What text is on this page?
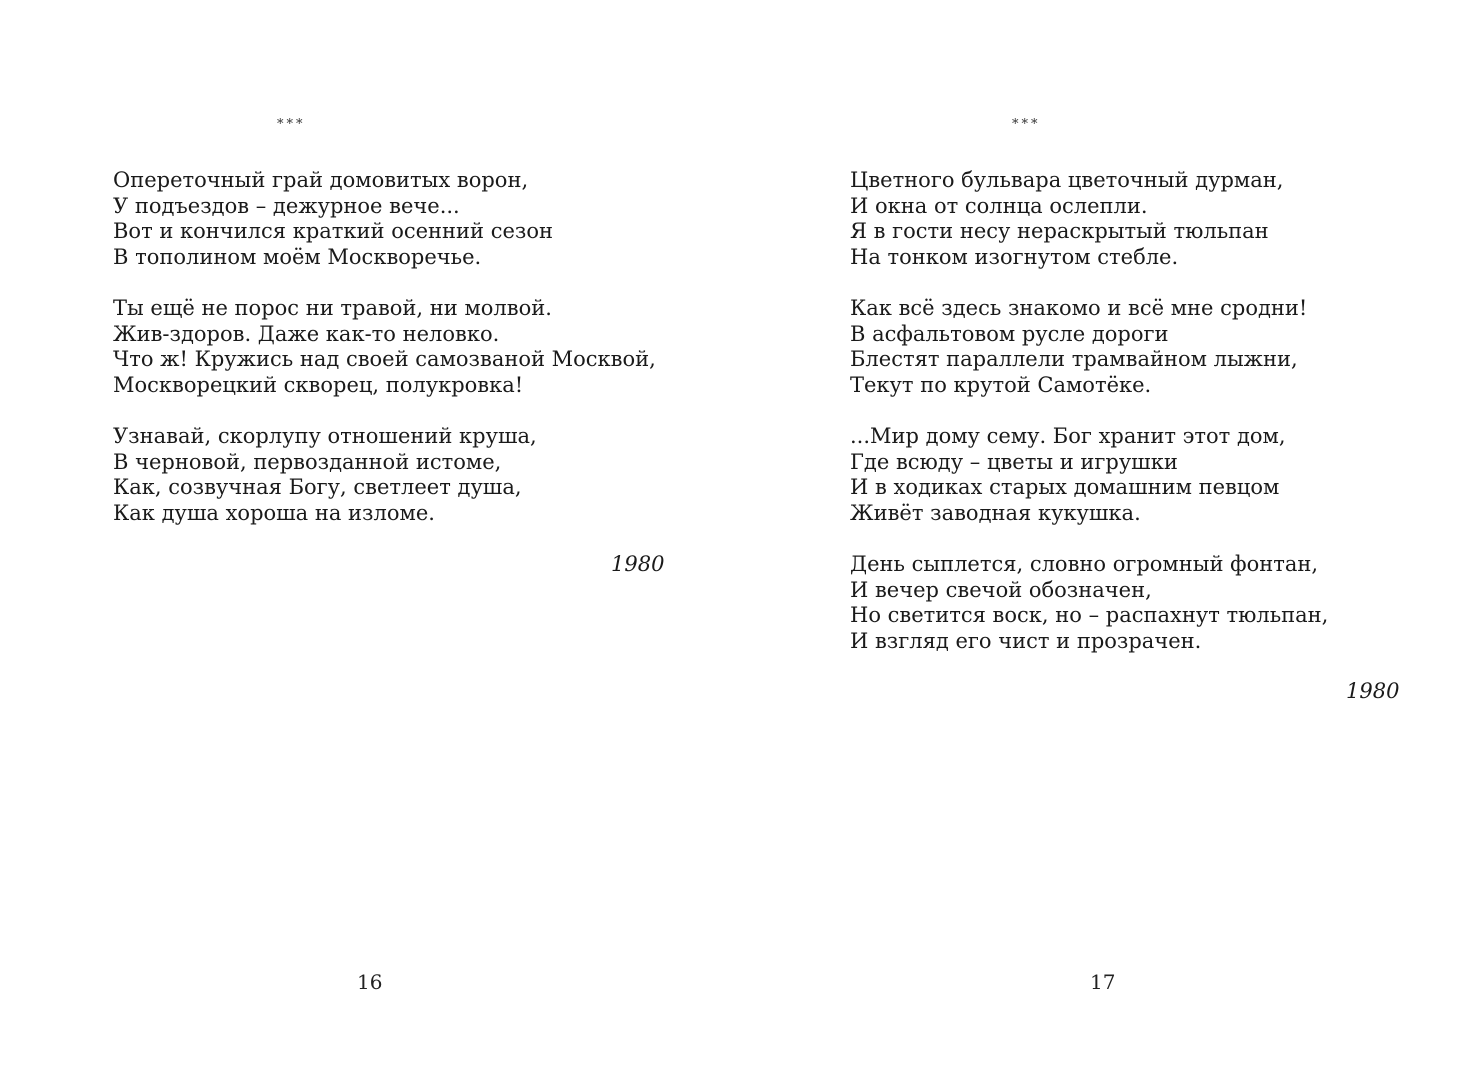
***
Опереточный грай домовитых ворон,
У подъездов – дежурное вече...
Вот и кончился краткий осенний сезон
В тополином моём Москворечье.
Ты ещё не порос ни травой, ни молвой.
Жив-здоров. Даже как-то неловко.
Что ж! Кружись над своей самозваной Москвой,
Москворецкий скворец, полукровка!
Узнавай, скорлупу отношений круша,
В черновой, первозданной истоме,
Как, созвучная Богу, светлеет душа,
Как душа хороша на изломе.
1980
16
***
Цветного бульвара цветочный дурман,
И окна от солнца ослепли.
Я в гости несу нераскрытый тюльпан
На тонком изогнутом стебле.
Как всё здесь знакомо и всё мне сродни!
В асфальтовом русле дороги
Блестят параллели трамвайном лыжни,
Текут по крутой Самотёке.
...Мир дому сему. Бог хранит этот дом,
Где всюду – цветы и игрушки
И в ходиках старых домашним певцом
Живёт заводная кукушка.
День сыплется, словно огромный фонтан,
И вечер свечой обозначен,
Но светится воск, но – распахнут тюльпан,
И взгляд его чист и прозрачен.
1980
17
